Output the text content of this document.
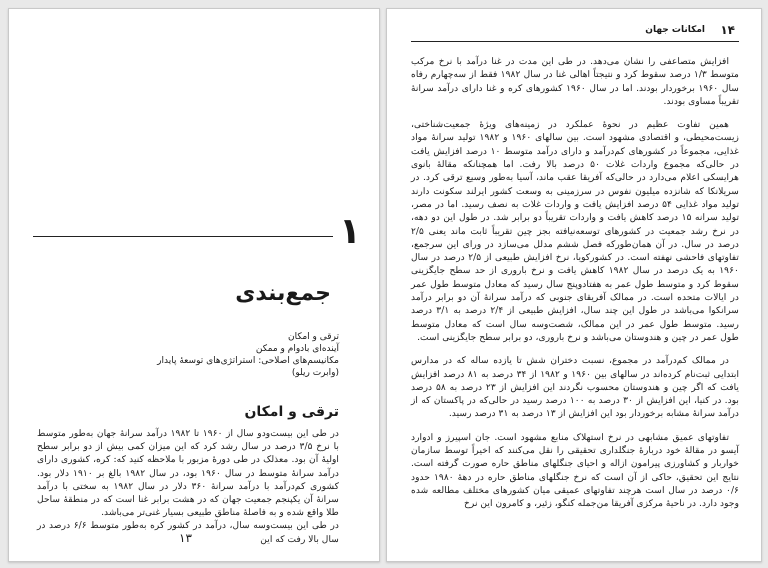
۱
جمع‌بندی
ترقی و امکان
آینده‌ای بادوام و ممکن
مکانیسم‌های اصلاحی: استراتژی‌های توسعهٔ پایدار
(وابرت ریلو)
ترقی و امکان

در طی این بیست‌ودو سال از ۱۹۶۰ تا ۱۹۸۲ درآمد سرانهٔ جهان به‌طور متوسط با نرخ ۳/۵ درصد در سال رشد کرد که این میزان کمی بیش از دو برابر سطح اولیهٔ آن بود. معذلک در طی دورهٔ مزبور با ملاحظه کنید که: کره، کشوری دارای درآمد سرانهٔ متوسط در سال ۱۹۶۰ بود، در سال ۱۹۸۲ بالغ بر ۱۹۱۰ دلار بود. کشوری کم‌درآمد با درآمد سرانهٔ ۳۶۰ دلار در سال ۱۹۸۲ به سختی با درآمد سرانهٔ آن یکپنجم جمعیت جهان که در هشت برابر غنا است که در منطقهٔ ساحل طلا واقع شده و به فاصلهٔ مناطق طبیعی بسیار غنی‌تر می‌باشد.

در طی این بیست‌وسه سال، درآمد در کشور کره به‌طور متوسط ۶/۶ درصد در سال بالا رفت که این

۱۳
۱۴
امکانات جهان

افزایش متصاعفی را نشان می‌دهد. در طی این مدت در غنا درآمد با نرخ مرکب متوسط ۱/۳ درصد سقوط کرد و نتیجتاً اهالی غنا در سال ۱۹۸۲ فقط از سه‌چهارم رفاه سال ۱۹۶۰ برخوردار بودند. اما در سال ۱۹۶۰ کشورهای کره و غنا دارای درآمد سرانهٔ تقریباً مساوی بودند.

همین تفاوت عظیم در نحوهٔ عملکرد در زمینه‌های ویژهٔ جمعیت‌شناختی، زیست‌محیطی، و اقتصادی مشهود است. بین سالهای ۱۹۶۰ و ۱۹۸۲ تولید سرانهٔ مواد غذایی، مجموعاً در کشورهای کم‌درآمد و دارای درآمد متوسط ۱۰ درصد افزایش یافت در حالی‌که مجموع واردات غلات ۵۰ درصد بالا رفت. اما همچنانکه مقالهٔ بانوی هرایسکی اعلام می‌دارد در حالی‌که آفریقا عقب ماند، آسیا به‌طور وسیع ترقی کرد. در سریلانکا که شانزده میلیون نفوس در سرزمینی به وسعت کشور ایرلند سکونت دارند تولید مواد غذایی ۵۴ درصد افزایش یافت و واردات غلات به نصف رسید. اما در مصر، تولید سرانه ۱۵ درصد کاهش یافت و واردات تقریباً دو برابر شد. در طول این دو دهه، در نرخ رشد جمعیت در کشورهای توسعه‌نیافته بجز چین تقریباً ثابت ماند یعنی ۲/۵ درصد در سال. در آن همان‌طورکه فصل ششم مدلل می‌سازد در ورای این سرجمع، تفاوتهای فاحشی نهفته است. در کشورکویا، نرخ افزایش طبیعی از ۲/۵ درصد در سال ۱۹۶۰ به یک درصد در سال ۱۹۸۲ کاهش یافت و نرخ باروری از حد سطح جایگزینی سقوط کرد و متوسط طول عمر به هفتادوپنج سال رسید که معادل متوسط طول عمر در ایالات متحده است. در ممالک آفریقای جنوبی که درآمد سرانهٔ آن دو برابر درآمد سرانکوا می‌باشد در طول این چند سال، افزایش طبیعی از ۲/۴ درصد به ۳/۱ درصد رسید. متوسط طول عمر در این ممالک، شصت‌وسه سال است که معادل متوسط طول عمر در چین و هندوستان می‌باشد و نرخ باروری، دو برابر سطح جایگزینی است.

در ممالک کم‌درآمد در مجموع، نسبت دختران شش تا یازده ساله که در مدارس ابتدایی ثبت‌نام کرده‌اند در سالهای بین ۱۹۶۰ و ۱۹۸۲ از ۳۴ درصد به ۸۱ درصد افزایش یافت که اگر چین و هندوستان محسوب نگردند این افزایش از ۲۳ درصد به ۵۸ درصد بود. در کنیا، این افزایش از ۳۰ درصد به ۱۰۰ درصد رسید در حالی‌که در پاکستان که از درآمد سرانهٔ مشابه برخوردار بود این افزایش از ۱۳ درصد به ۳۱ درصد رسید.

تفاوتهای عمیق مشابهی در نرخ استهلاک منابع مشهود است. جان اسپیرز و ادوارد آیسو در مقالهٔ خود دربارهٔ جنگلداری تحقیقی را نقل می‌کنند که اخیراً توسط سازمان خواربار و کشاورزی پیرامون ازاله و احیای جنگلهای مناطق حاره صورت گرفته است. نتایج این تحقیق، حاکی از آن است که نرخ جنگلهای مناطق حاره در دههٔ ۱۹۸۰ حدود ۰/۶ درصد در سال است هرچند تفاوتهای عمیقی میان کشورهای مختلف مطالعه شده وجود دارد. در ناحیهٔ مرکزی آفریقا من‌جمله کنگو، زئیر، و کامرون این نرخ
